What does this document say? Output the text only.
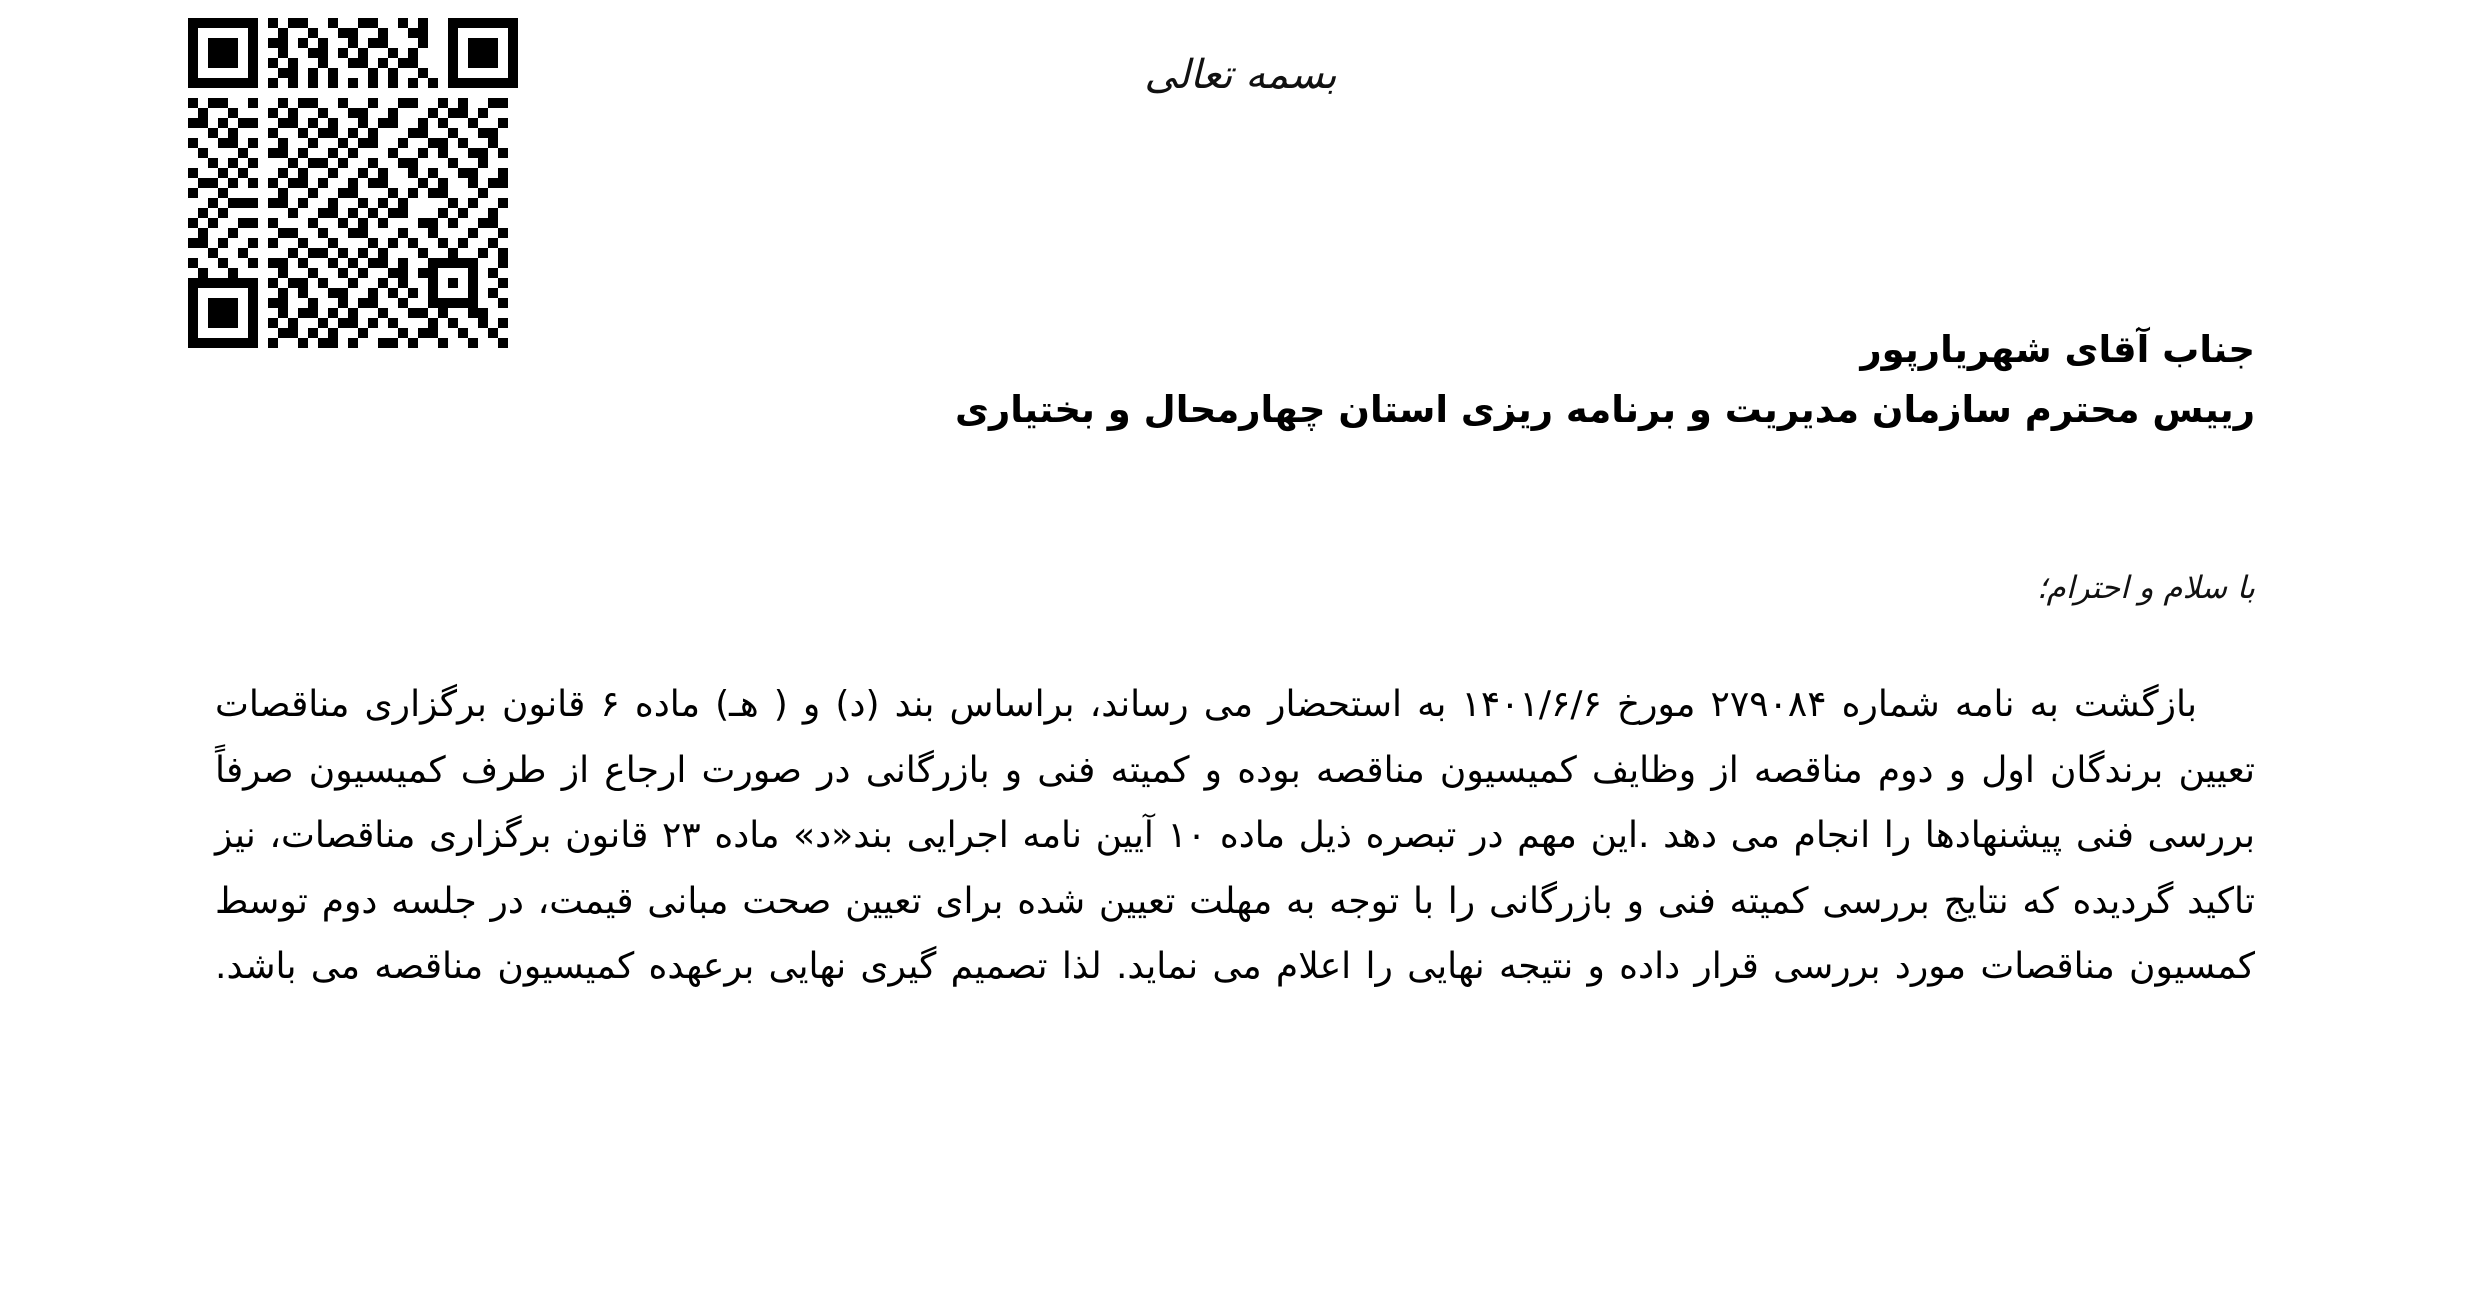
بسمه تعالی
جناب آقای شهریارپور
رییس محترم سازمان مدیریت و برنامه ریزی استان چهارمحال و بختیاری
با سلام و احترام؛
بازگشت به نامه شماره ۲۷۹۰۸۴ مورخ ۱۴۰۱/۶/۶ به استحضار می رساند، براساس بند (د) و ( هـ) ماده ۶ قانون برگزاری مناقصات تعیین برندگان اول و دوم مناقصه از وظایف کمیسیون مناقصه بوده و کمیته فنی و بازرگانی در صورت ارجاع از طرف کمیسیون صرفاً بررسی فنی پیشنهادها را انجام می دهد .این مهم در تبصره ذیل ماده ۱۰ آیین نامه اجرایی بند«د» ماده ۲۳ قانون برگزاری مناقصات، نیز تاکید گردیده که نتایج بررسی کمیته فنی و بازرگانی را با توجه به مهلت تعیین شده برای تعیین صحت مبانی قیمت، در جلسه دوم توسط کمسیون مناقصات مورد بررسی قرار داده و نتیجه نهایی را اعلام می نماید. لذا تصمیم گیری نهایی برعهده کمیسیون مناقصه می باشد.
